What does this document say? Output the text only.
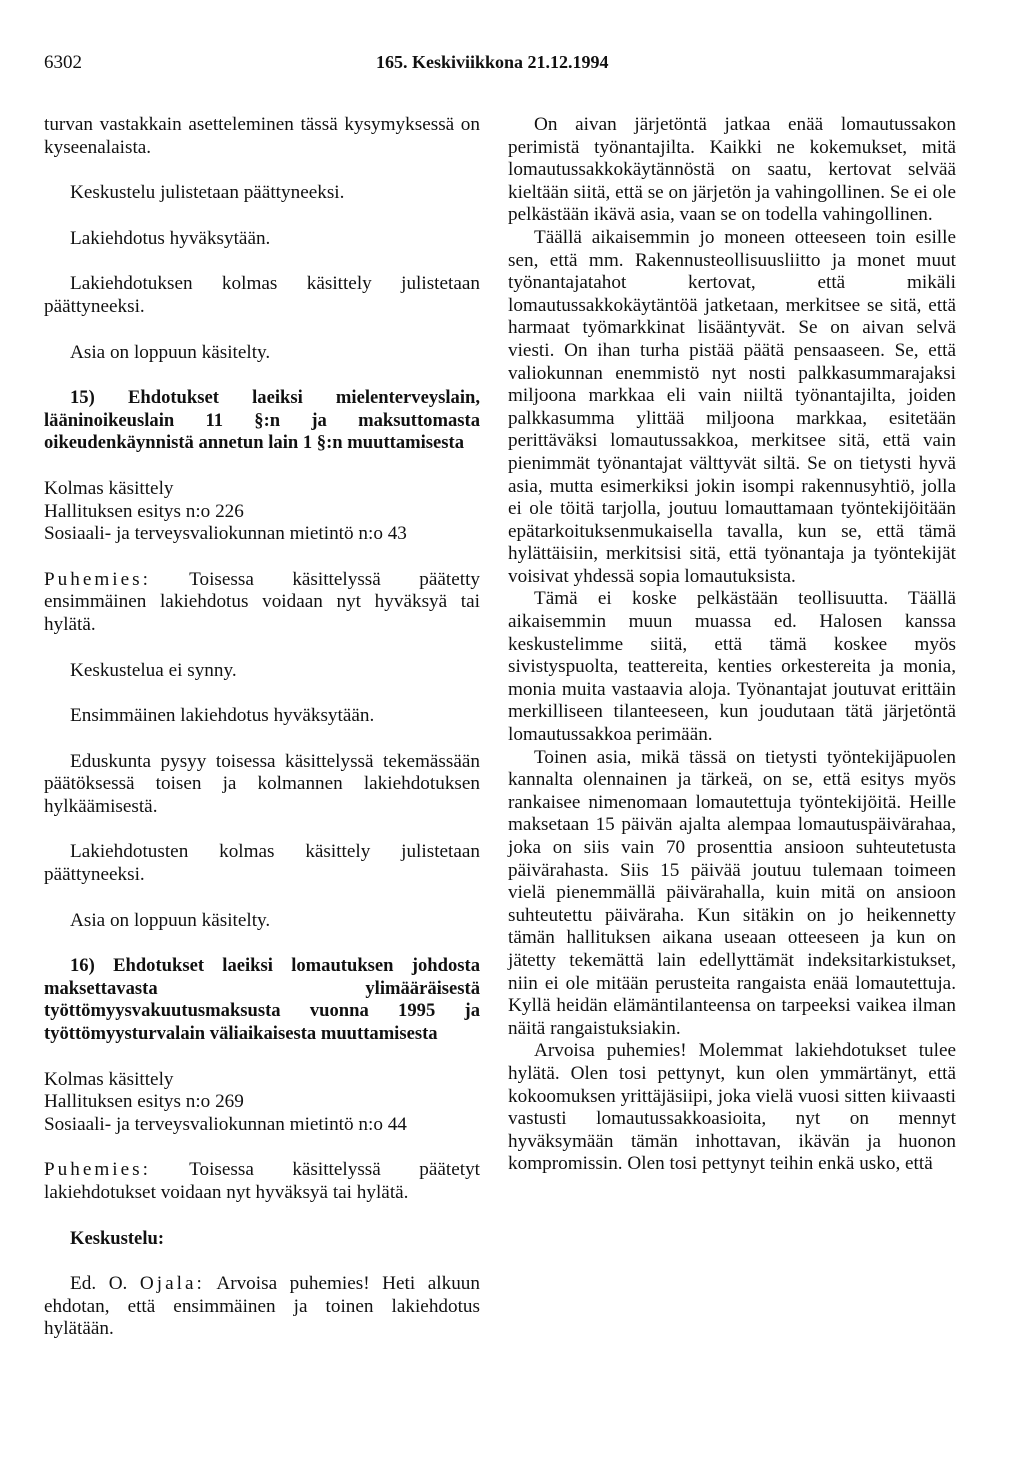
6302	165. Keskiviikkona 21.12.1994

turvan vastakkain asetteleminen tässä kysymyksessä on kyseenalaista.

Keskustelu julistetaan päättyneeksi.

Lakiehdotus hyväksytään.

Lakiehdotuksen kolmas käsittely julistetaan päättyneeksi.

Asia on loppuun käsitelty.

15) Ehdotukset laeiksi mielenterveyslain, lääninoikeuslain 11 §:n ja maksuttomasta oikeudenkäynnistä annetun lain 1 §:n muuttamisesta

Kolmas käsittely

Hallituksen esitys n:o 226

Sosiaali- ja terveysvaliokunnan mietintö n:o 43

Puhemies: Toisessa käsittelyssä päätetty ensimmäinen lakiehdotus voidaan nyt hyväksyä tai hylätä.

Keskustelua ei synny.

Ensimmäinen lakiehdotus hyväksytään.

Eduskunta pysyy toisessa käsittelyssä tekemässään päätöksessä toisen ja kolmannen lakiehdotuksen hylkäämisestä.

Lakiehdotusten kolmas käsittely julistetaan päättyneeksi.

Asia on loppuun käsitelty.

16) Ehdotukset laeiksi lomautuksen johdosta maksettavasta ylimääräisestä työttömyysvakuutusmaksusta vuonna 1995 ja työttömyysturvalain väliaikaisesta muuttamisesta

Kolmas käsittely

Hallituksen esitys n:o 269

Sosiaali- ja terveysvaliokunnan mietintö n:o 44

Puhemies: Toisessa käsittelyssä päätetyt lakiehdotukset voidaan nyt hyväksyä tai hylätä.

Keskustelu:

Ed. O. Ojala: Arvoisa puhemies! Heti alkuun ehdotan, että ensimmäinen ja toinen lakiehdotus hylätään.

On aivan järjetöntä jatkaa enää lomautussakon perimistä työnantajilta. Kaikki ne kokemukset, mitä lomautussakkokäytännöstä on saatu, kertovat selvää kieltään siitä, että se on järjetön ja vahingollinen. Se ei ole pelkästään ikävä asia, vaan se on todella vahingollinen.

Täällä aikaisemmin jo moneen otteeseen toin esille sen, että mm. Rakennusteollisuusliitto ja monet muut työnantajatahot kertovat, että mikäli lomautussakkokäytäntöä jatketaan, merkitsee se sitä, että harmaat työmarkkinat lisääntyvät. Se on aivan selvä viesti. On ihan turha pistää päätä pensaaseen. Se, että valiokunnan enemmistö nyt nosti palkkasummarajaksi miljoona markkaa eli vain niiltä työnantajilta, joiden palkkasumma ylittää miljoona markkaa, esitetään perittäväksi lomautussakkoa, merkitsee sitä, että vain pienimmät työnantajat välttyvät siltä. Se on tietysti hyvä asia, mutta esimerkiksi jokin isompi rakennusyhtiö, jolla ei ole töitä tarjolla, joutuu lomauttamaan työntekijöitään epätarkoituksenmukaisella tavalla, kun se, että tämä hylättäisiin, merkitsisi sitä, että työnantaja ja työntekijät voisivat yhdessä sopia lomautuksista.

Tämä ei koske pelkästään teollisuutta. Täällä aikaisemmin muun muassa ed. Halosen kanssa keskustelimme siitä, että tämä koskee myös sivistyspuolta, teattereita, kenties orkestereita ja monia, monia muita vastaavia aloja. Työnantajat joutuvat erittäin merkilliseen tilanteeseen, kun joudutaan tätä järjetöntä lomautussakkoa perimään.

Toinen asia, mikä tässä on tietysti työntekijäpuolen kannalta olennainen ja tärkeä, on se, että esitys myös rankaisee nimenomaan lomautettuja työntekijöitä. Heille maksetaan 15 päivän ajalta alempaa lomautuspäivärahaa, joka on siis vain 70 prosenttia ansioon suhteutetusta päivärahasta. Siis 15 päivää joutuu tulemaan toimeen vielä pienemmällä päivärahalla, kuin mitä on ansioon suhteutettu päiväraha. Kun sitäkin on jo heikennetty tämän hallituksen aikana useaan otteeseen ja kun on jätetty tekemättä lain edellyttämät indeksitarkistukset, niin ei ole mitään perusteita rangaista enää lomautettuja. Kyllä heidän elämäntilanteensa on tarpeeksi vaikea ilman näitä rangaistuksiakin.

Arvoisa puhemies! Molemmat lakiehdotukset tulee hylätä. Olen tosi pettynyt, kun olen ymmärtänyt, että kokoomuksen yrittäjäsiipi, joka vielä vuosi sitten kiivaasti vastusti lomautussakkoasioita, nyt on mennyt hyväksymään tämän inhottavan, ikävän ja huonon kompromissin. Olen tosi pettynyt teihin enkä usko, että
